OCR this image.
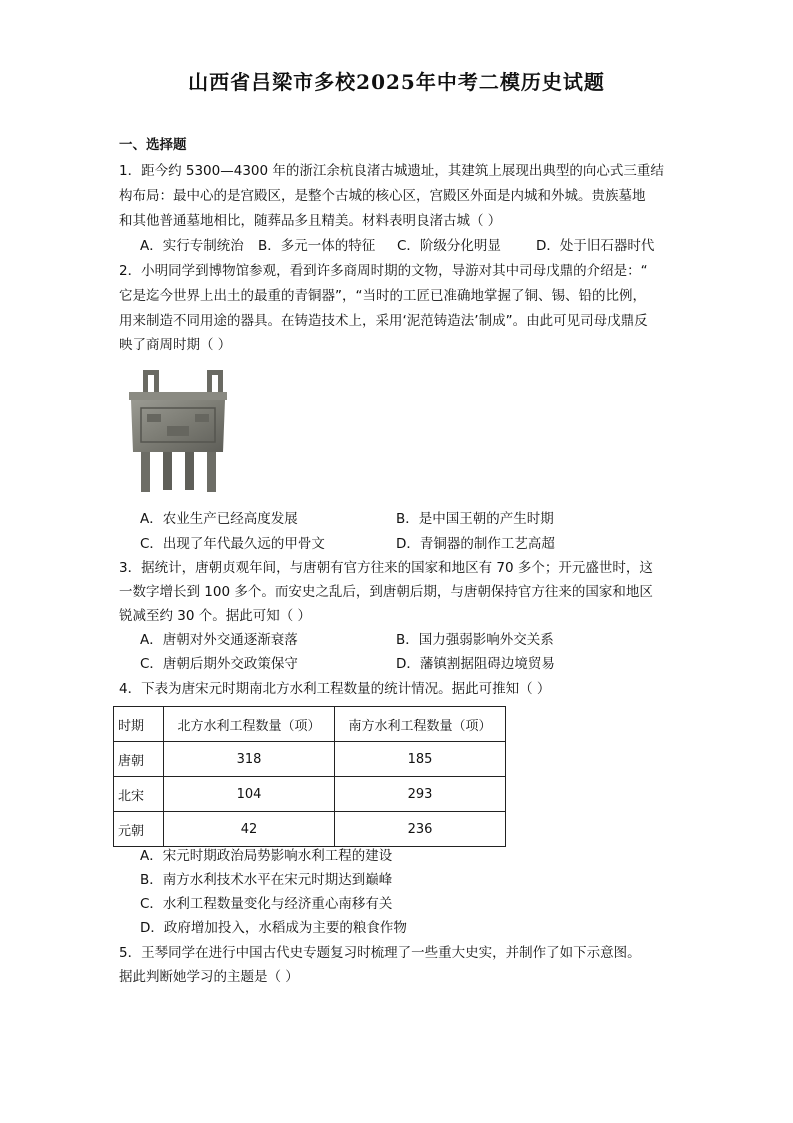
山西省吕梁市多校2025年中考二模历史试题
一、选择题
1．距今约 5300—4300 年的浙江余杭良渚古城遗址，其建筑上展现出典型的向心式三重结
构布局：最中心的是宫殿区，是整个古城的核心区，宫殿区外面是内城和外城。贵族墓地
和其他普通墓地相比，随葬品多且精美。材料表明良渚古城（ ）
A．实行专制统治 B．多元一体的特征 C．阶级分化明显	D．处于旧石器时代
2．小明同学到博物馆参观，看到许多商周时期的文物，导游对其中司母戊鼎的介绍是：“
它是迄今世界上出土的最重的青铜器”，“当时的工匠已准确地掌握了铜、锡、铅的比例，
用来制造不同用途的器具。在铸造技术上，采用‘泥范铸造法’制成”。由此可见司母戊鼎反
映了商周时期（ ）
A．农业生产已经高度发展	B．是中国王朝的产生时期
C．出现了年代最久远的甲骨文	D．青铜器的制作工艺高超
3．据统计，唐朝贞观年间，与唐朝有官方往来的国家和地区有 70 多个；开元盛世时，这
一数字增长到 100 多个。而安史之乱后，到唐朝后期，与唐朝保持官方往来的国家和地区
锐减至约 30 个。据此可知（ ）
A．唐朝对外交通逐渐衰落	B．国力强弱影响外交关系
C．唐朝后期外交政策保守	D．藩镇割据阻碍边境贸易
4．下表为唐宋元时期南北方水利工程数量的统计情况。据此可推知（ ）
时期	北方水利工程数量（项）	南方水利工程数量（项）
唐朝	318	185
北宋	104	293
元朝	42	236
A．宋元时期政治局势影响水利工程的建设
B．南方水利技术水平在宋元时期达到巅峰
C．水利工程数量变化与经济重心南移有关
D．政府增加投入，水稻成为主要的粮食作物
5．王琴同学在进行中国古代史专题复习时梳理了一些重大史实，并制作了如下示意图。
据此判断她学习的主题是（ ）
